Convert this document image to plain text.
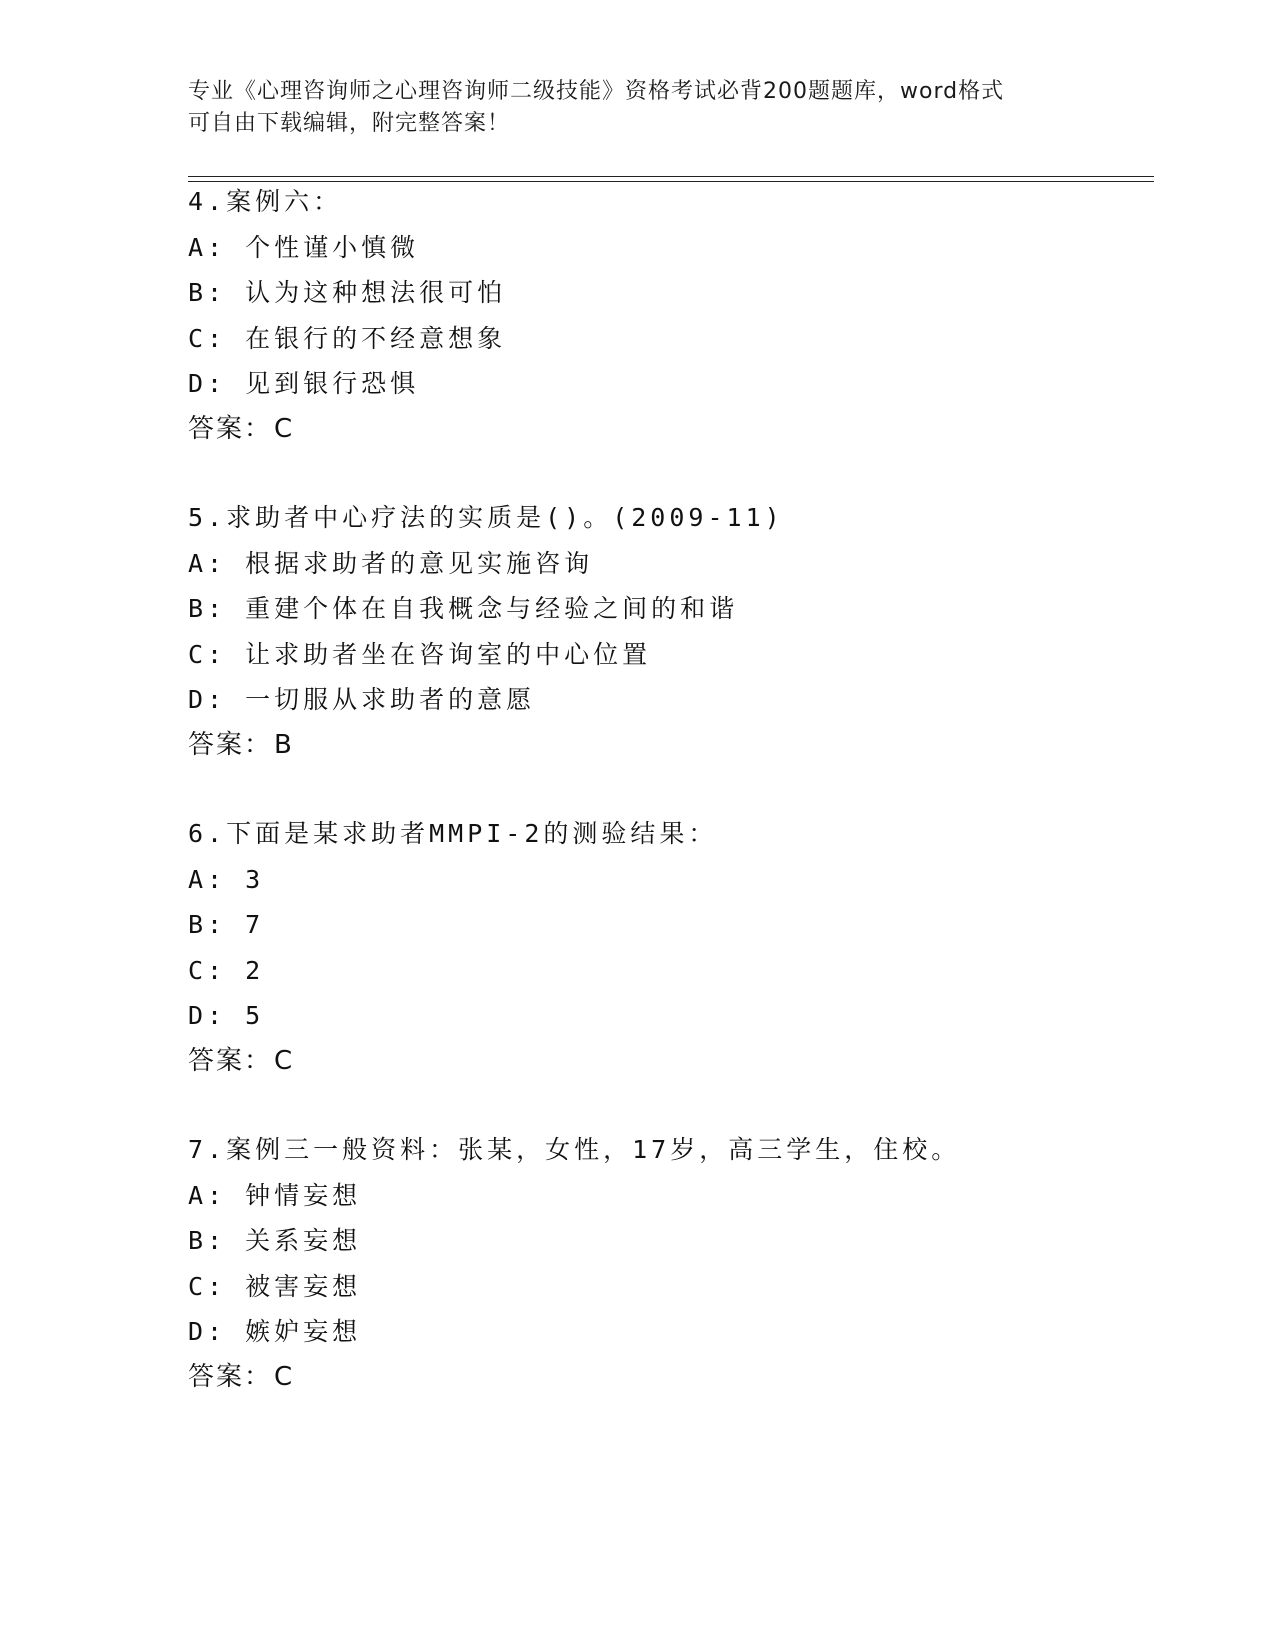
专业《心理咨询师之心理咨询师二级技能》资格考试必背200题题库，word格式
可自由下载编辑，附完整答案！
4.案例六：
A: 个性谨小慎微
B: 认为这种想法很可怕
C: 在银行的不经意想象
D: 见到银行恐惧
答案：C
5.求助者中心疗法的实质是()。(2009-11)
A: 根据求助者的意见实施咨询
B: 重建个体在自我概念与经验之间的和谐
C: 让求助者坐在咨询室的中心位置
D: 一切服从求助者的意愿
答案：B
6.下面是某求助者MMPI-2的测验结果：
A: 3
B: 7
C: 2
D: 5
答案：C
7.案例三一般资料：张某，女性，17岁，高三学生，住校。
A: 钟情妄想
B: 关系妄想
C: 被害妄想
D: 嫉妒妄想
答案：C
